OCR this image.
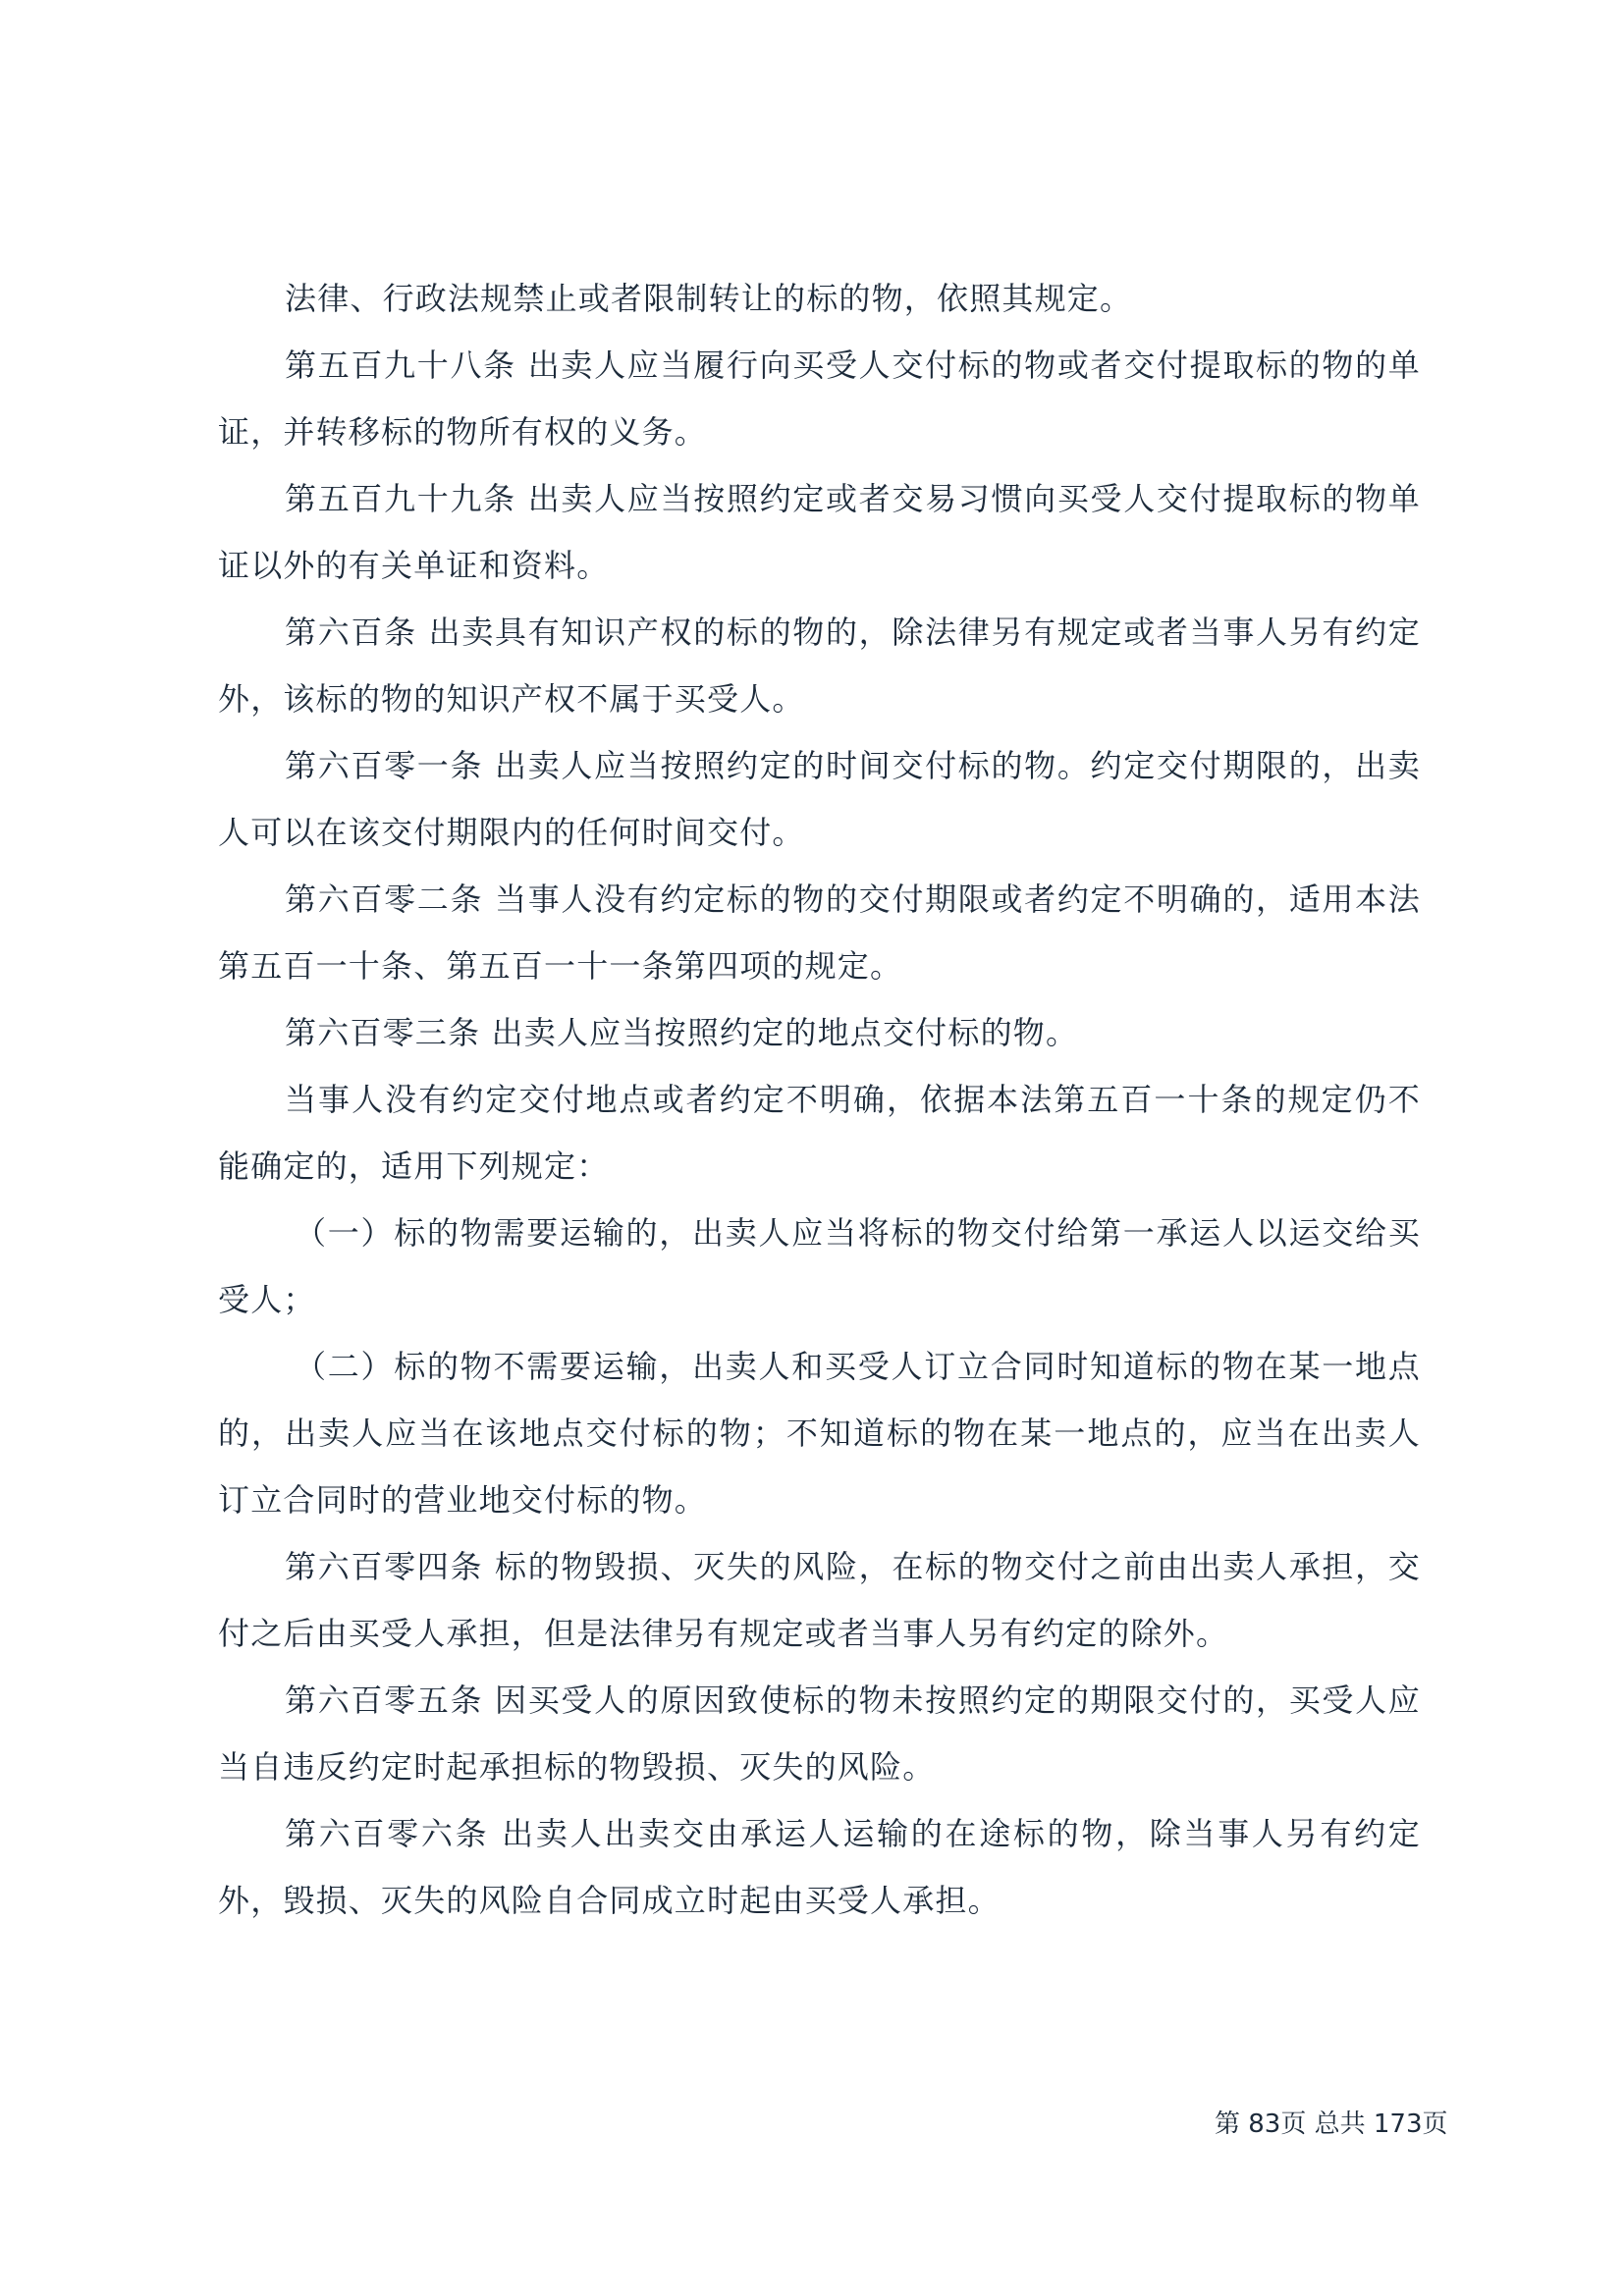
法律、行政法规禁止或者限制转让的标的物，依照其规定。

第五百九十八条 出卖人应当履行向买受人交付标的物或者交付提取标的物的单证，并转移标的物所有权的义务。

第五百九十九条 出卖人应当按照约定或者交易习惯向买受人交付提取标的物单证以外的有关单证和资料。

第六百条 出卖具有知识产权的标的物的，除法律另有规定或者当事人另有约定外，该标的物的知识产权不属于买受人。

第六百零一条 出卖人应当按照约定的时间交付标的物。约定交付期限的，出卖人可以在该交付期限内的任何时间交付。

第六百零二条 当事人没有约定标的物的交付期限或者约定不明确的，适用本法第五百一十条、第五百一十一条第四项的规定。

第六百零三条 出卖人应当按照约定的地点交付标的物。

当事人没有约定交付地点或者约定不明确，依据本法第五百一十条的规定仍不能确定的，适用下列规定：

（一）标的物需要运输的，出卖人应当将标的物交付给第一承运人以运交给买受人；

（二）标的物不需要运输，出卖人和买受人订立合同时知道标的物在某一地点的，出卖人应当在该地点交付标的物；不知道标的物在某一地点的，应当在出卖人订立合同时的营业地交付标的物。

第六百零四条 标的物毁损、灭失的风险，在标的物交付之前由出卖人承担，交付之后由买受人承担，但是法律另有规定或者当事人另有约定的除外。

第六百零五条 因买受人的原因致使标的物未按照约定的期限交付的，买受人应当自违反约定时起承担标的物毁损、灭失的风险。

第六百零六条 出卖人出卖交由承运人运输的在途标的物，除当事人另有约定外，毁损、灭失的风险自合同成立时起由买受人承担。

第 83页 总共 173页
